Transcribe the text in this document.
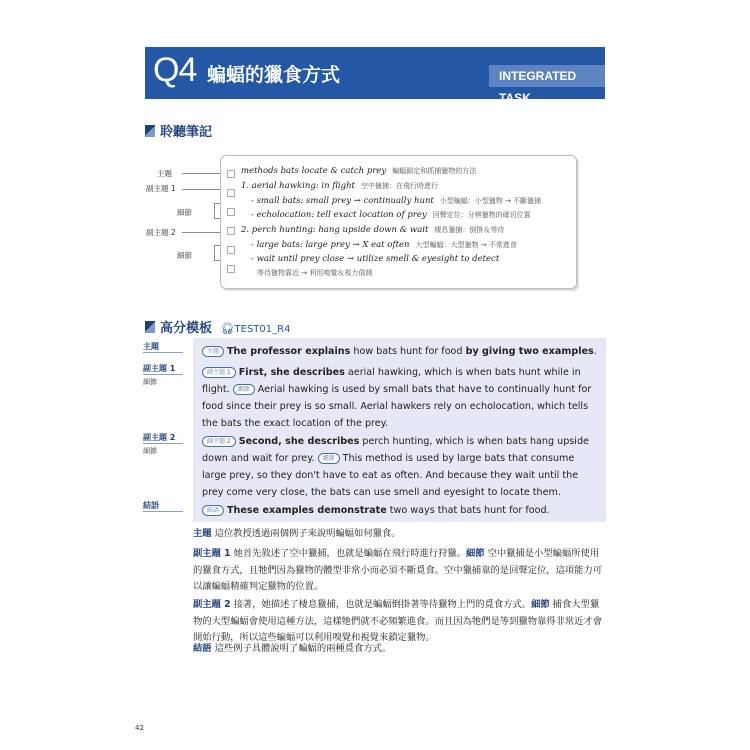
Q4 蝙蝠的獵食方式	INTEGRATED TASK
聆聽筆記
主題
副主題 1
細節
副主題 2
細節
methods bats locate & catch prey 蝙蝠鎖定和抓捕獵物的方法
1. aerial hawking: in flight 空中獵捕：在飛行時進行
- small bats: small prey → continually hunt 小型蝙蝠：小型獵物 → 不斷獵捕
- echolocation: tell exact location of prey 回聲定位：分辨獵物的確切位置
2. perch hunting: hang upside down & wait 棲息獵捕：倒掛＆等待
- large bats: large prey → X eat often 大型蝙蝠：大型獵物 → 不常進食
- wait until prey close → utilize smell & eyesight to detect
等待獵物靠近 → 利用嗅覺＆視力偵測
高分模板 🎧︎TEST01_R4
主題
副主題 1
細節
副主題 2
細節
結語
主題 The professor explains how bats hunt for food by giving two examples.
副主題 1 First, she describes aerial hawking, which is when bats hunt while in flight. 細節 Aerial hawking is used by small bats that have to continually hunt for food since their prey is so small. Aerial hawkers rely on echolocation, which tells the bats the exact location of the prey.
副主題 2 Second, she describes perch hunting, which is when bats hang upside down and wait for prey. 細節 This method is used by large bats that consume large prey, so they don't have to eat as often. And because they wait until the prey come very close, the bats can use smell and eyesight to locate them.
結語 These examples demonstrate two ways that bats hunt for food.
主題 這位教授透過兩個例子來說明蝙蝠如何獵食。
副主題 1 她首先敘述了空中獵捕，也就是蝙蝠在飛行時進行狩獵。細節 空中獵捕是小型蝙蝠所使用的獵食方式，且牠們因為獵物的體型非常小而必須不斷覓食。空中獵捕靠的是回聲定位，這項能力可以讓蝙蝠精確判定獵物的位置。
副主題 2 接著，她描述了棲息獵捕，也就是蝙蝠倒掛著等待獵物上門的覓食方式。細節 捕食大型獵物的大型蝙蝠會使用這種方法，這樣牠們就不必頻繁進食。而且因為牠們是等到獵物靠得非常近才會開始行動，所以這些蝙蝠可以利用嗅覺和視覺來鎖定獵物。
結語 這些例子具體說明了蝙蝠的兩種覓食方式。
42
